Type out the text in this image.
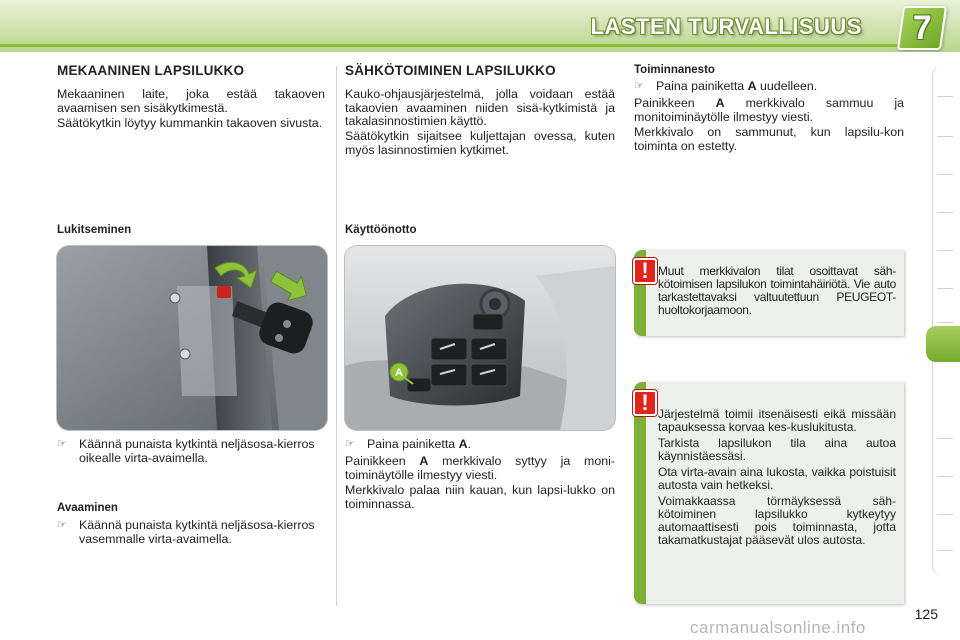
LASTEN TURVALLISUUS 7
MEKAANINEN LAPSILUKKO
Mekaaninen laite, joka estää takaoven avaamisen sen sisäkytkimestä.
Säätökytkin löytyy kummankin takaoven sivusta.
Lukitseminen
☞ Käännä punaista kytkintä neljäsosa-kierros oikealle virta-avaimella.
Avaaminen
☞ Käännä punaista kytkintä neljäsosa-kierros vasemmalle virta-avaimella.
SÄHKÖTOIMINEN LAPSILUKKO
Kauko-ohjausjärjestelmä, jolla voidaan estää takaovien avaaminen niiden sisä-kytkimistä ja takalasinnostimien käyttö.
Säätökytkin sijaitsee kuljettajan ovessa, kuten myös lasinnostimien kytkimet.
Käyttöönotto
A
☞ Paina painiketta A.
Painikkeen A merkkivalo syttyy ja moni-toiminäytölle ilmestyy viesti.
Merkkivalo palaa niin kauan, kun lapsi-lukko on toiminnassa.
Toiminnanesto
☞ Paina painiketta A uudelleen.
Painikkeen A merkkivalo sammuu ja monitoiminäytölle ilmestyy viesti.
Merkkivalo on sammunut, kun lapsilu-kon toiminta on estetty.
! Muut merkkivalon tilat osoittavat säh-kötoimisen lapsilukon toimintahäiriötä. Vie auto tarkastettavaksi valtuutettuun PEUGEOT-huoltokorjaamoon.

! Järjestelmä toimii itsenäisesti eikä missään tapauksessa korvaa kes-kuslukitusta.

Tarkista lapsilukon tila aina autoa käynnistäessäsi.

Ota virta-avain aina lukosta, vaikka poistuisit autosta vain hetkeksi.

Voimakkaassa törmäyksessä säh-kötoiminen lapsilukko kytkeytyy automaattisesti pois toiminnasta, jotta takamatkustajat pääsevät ulos autosta.

125
carmanualsonline.info
